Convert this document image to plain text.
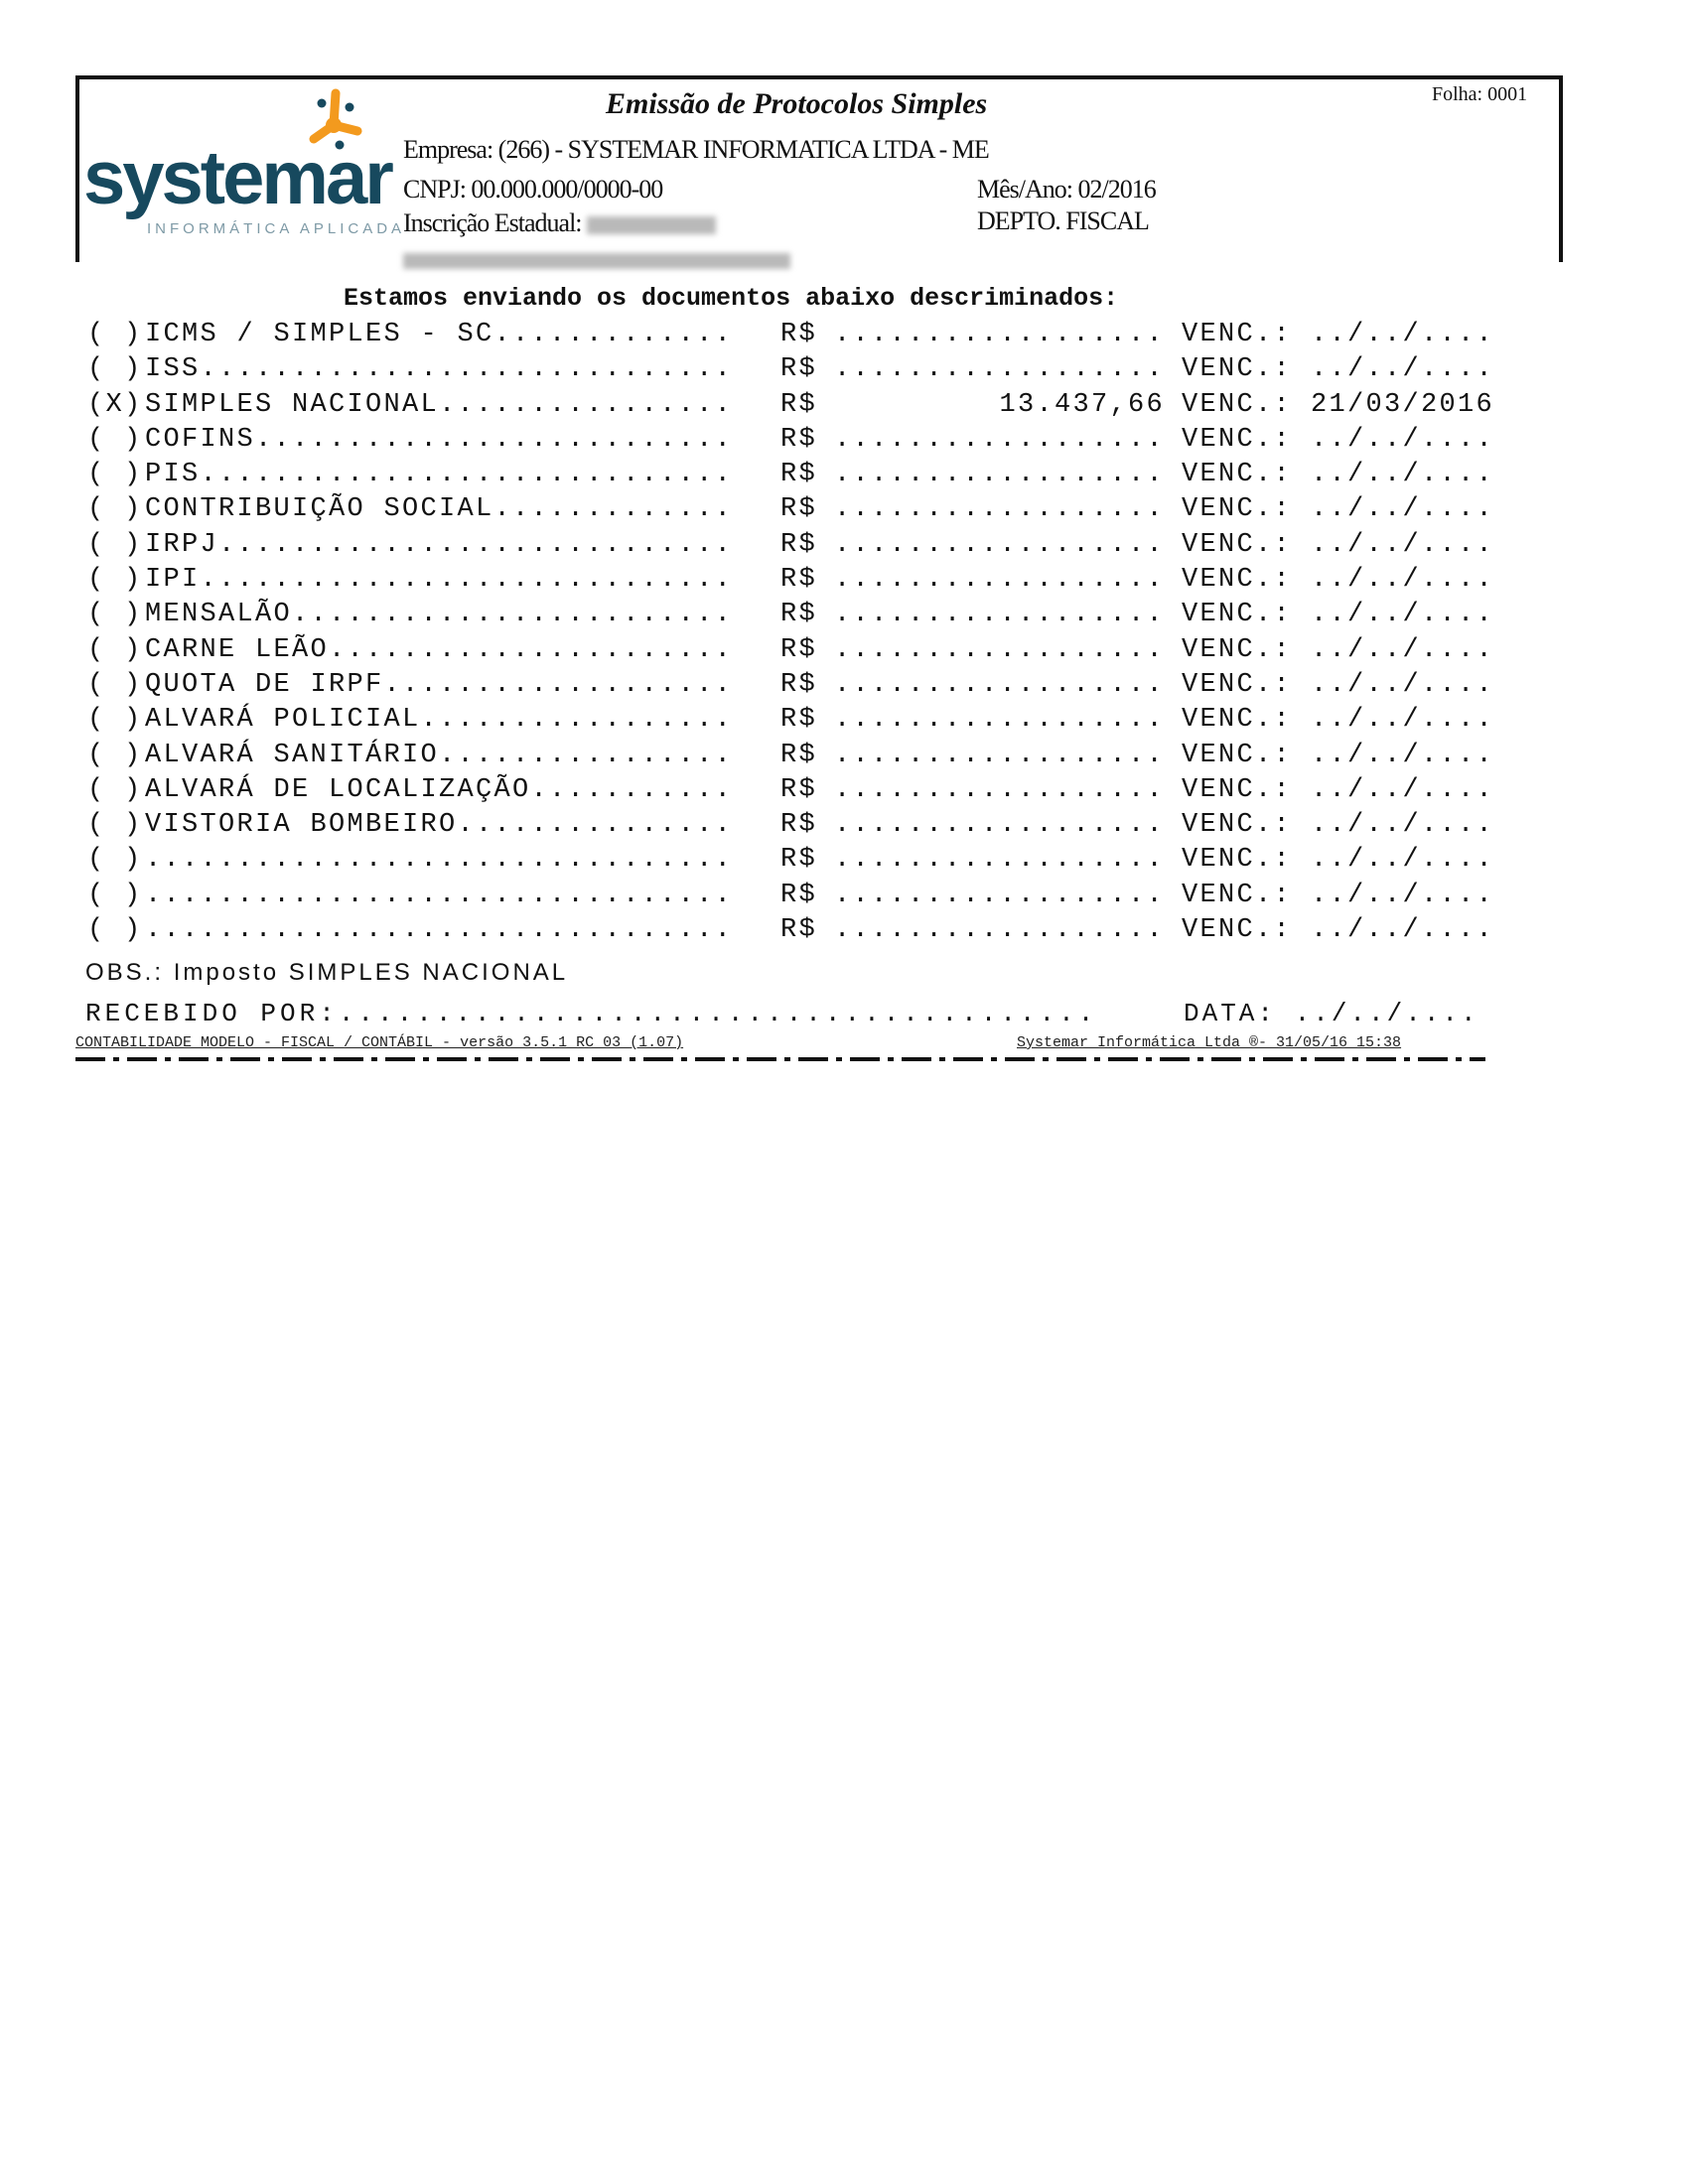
systemar
INFORMÁTICA APLICADA
Emissão de Protocolos Simples	Folha: 0001
Empresa: (266) - SYSTEMAR INFORMATICA LTDA - ME
CNPJ: 00.000.000/0000-00	Mês/Ano: 02/2016
Inscrição Estadual:	DEPTO. FISCAL
Estamos enviando os documentos abaixo descriminados:
( ) ICMS / SIMPLES - SC............. R$ .................. VENC.: ../../....
( ) ISS............................. R$ .................. VENC.: ../../....
(X) SIMPLES NACIONAL................ R$ 13.437,66 VENC.: 21/03/2016
( ) COFINS.......................... R$ .................. VENC.: ../../....
( ) PIS............................. R$ .................. VENC.: ../../....
( ) CONTRIBUIÇÃO SOCIAL............. R$ .................. VENC.: ../../....
( ) IRPJ............................ R$ .................. VENC.: ../../....
( ) IPI............................. R$ .................. VENC.: ../../....
( ) MENSALÃO........................ R$ .................. VENC.: ../../....
( ) CARNE LEÃO...................... R$ .................. VENC.: ../../....
( ) QUOTA DE IRPF................... R$ .................. VENC.: ../../....
( ) ALVARÁ POLICIAL................. R$ .................. VENC.: ../../....
( ) ALVARÁ SANITÁRIO................ R$ .................. VENC.: ../../....
( ) ALVARÁ DE LOCALIZAÇÃO........... R$ .................. VENC.: ../../....
( ) VISTORIA BOMBEIRO............... R$ .................. VENC.: ../../....
( ) ................................ R$ .................. VENC.: ../../....
( ) ................................ R$ .................. VENC.: ../../....
( ) ................................ R$ .................. VENC.: ../../....
OBS.: Imposto SIMPLES NACIONAL
RECEBIDO POR:.......................................	DATA: ../../....
CONTABILIDADE MODELO - FISCAL / CONTÁBIL - versão 3.5.1 RC 03 (1.07)	Systemar Informática Ltda ®- 31/05/16 15:38
